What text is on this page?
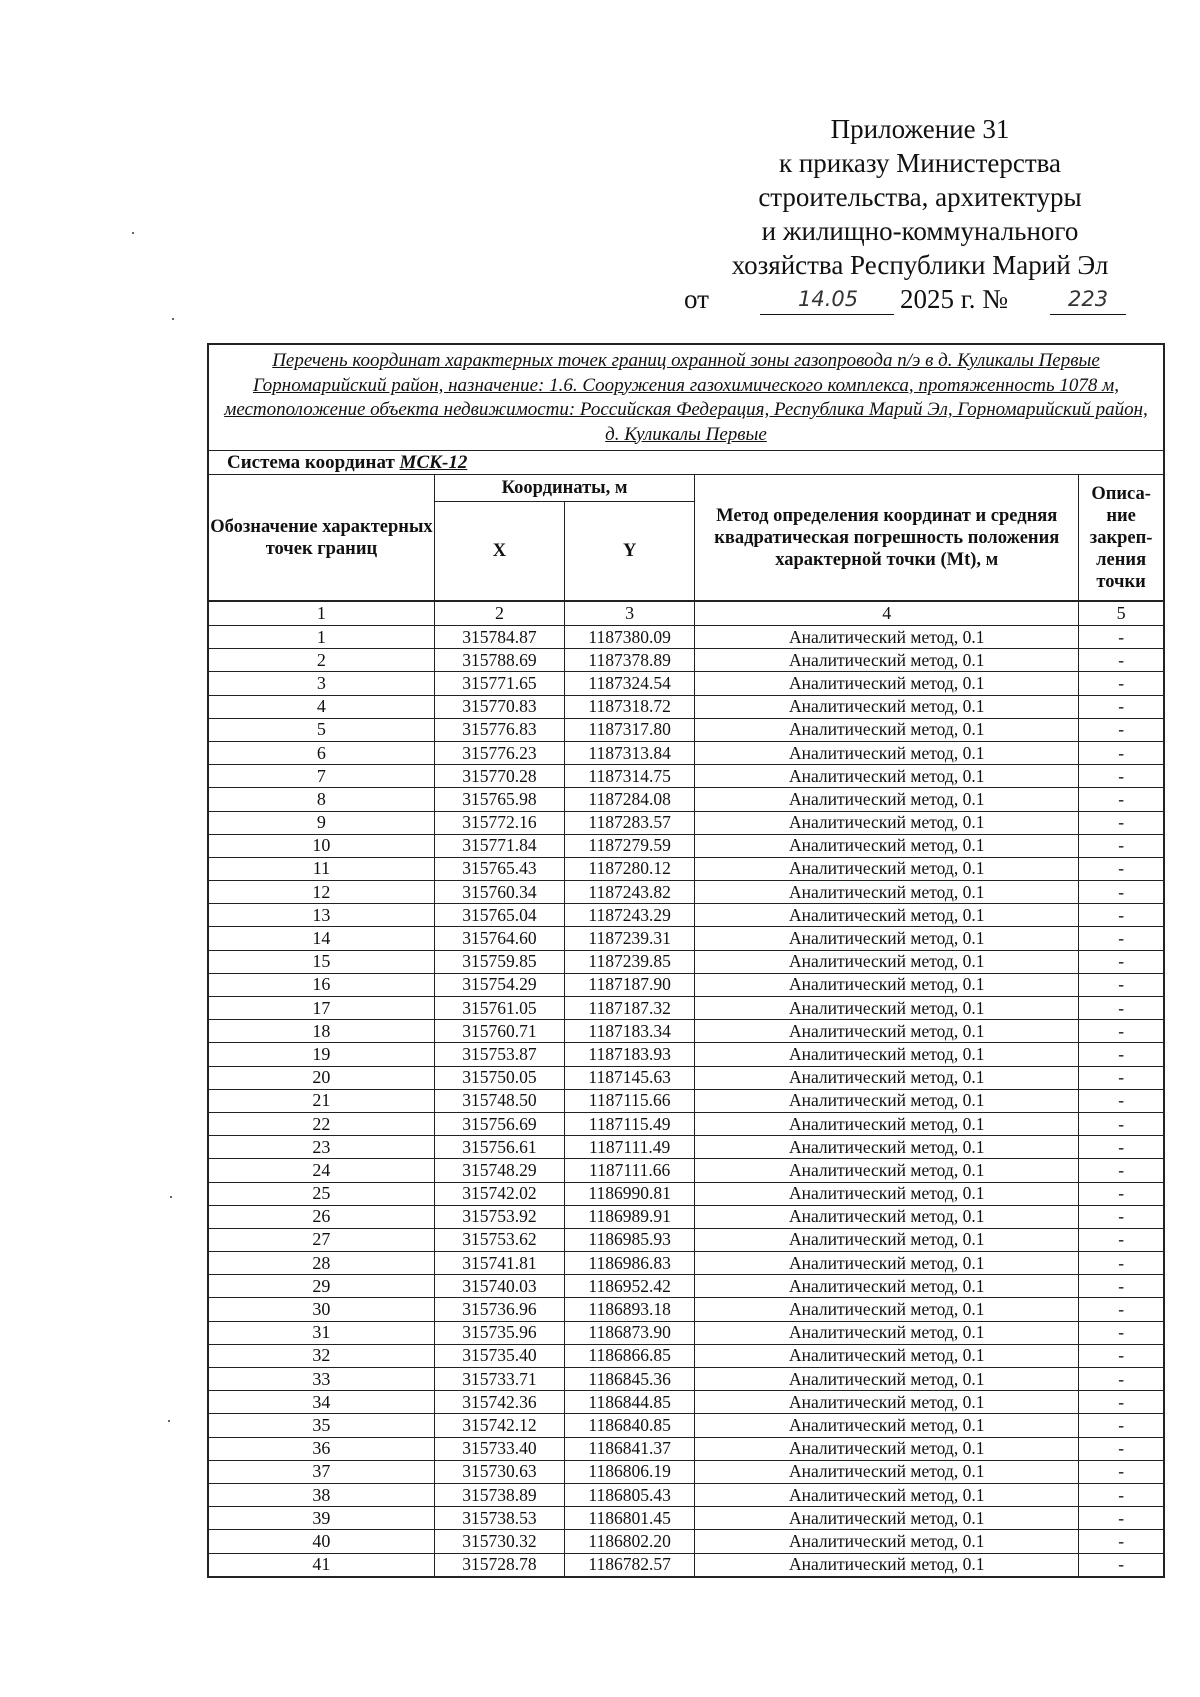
Приложение 31
к приказу Министерства
строительства, архитектуры
и жилищно-коммунального
хозяйства Республики Марий Эл
от	14.05 2025 г. №	223
Перечень координат характерных точек границ охранной зоны газопровода п/э в д. Куликалы Первые Горномарийский район, назначение: 1.6. Сооружения газохимического комплекса, протяженность 1078 м, местоположение объекта недвижимости: Российская Федерация, Республика Марий Эл, Горномарийский район, д. Куликалы Первые
Система координат МСК-12
Обозначение характерных точек границ	Координаты, м		Метод определения координат и средняя квадратическая погрешность положения характерной точки (Mt), м	Описа-ние закреп-ления точки
	X	Y		
1	2	3	4	5
1	315784.87	1187380.09	Аналитический метод, 0.1	-
2	315788.69	1187378.89	Аналитический метод, 0.1	-
3	315771.65	1187324.54	Аналитический метод, 0.1	-
4	315770.83	1187318.72	Аналитический метод, 0.1	-
5	315776.83	1187317.80	Аналитический метод, 0.1	-
6	315776.23	1187313.84	Аналитический метод, 0.1	-
7	315770.28	1187314.75	Аналитический метод, 0.1	-
8	315765.98	1187284.08	Аналитический метод, 0.1	-
9	315772.16	1187283.57	Аналитический метод, 0.1	-
10	315771.84	1187279.59	Аналитический метод, 0.1	-
11	315765.43	1187280.12	Аналитический метод, 0.1	-
12	315760.34	1187243.82	Аналитический метод, 0.1	-
13	315765.04	1187243.29	Аналитический метод, 0.1	-
14	315764.60	1187239.31	Аналитический метод, 0.1	-
15	315759.85	1187239.85	Аналитический метод, 0.1	-
16	315754.29	1187187.90	Аналитический метод, 0.1	-
17	315761.05	1187187.32	Аналитический метод, 0.1	-
18	315760.71	1187183.34	Аналитический метод, 0.1	-
19	315753.87	1187183.93	Аналитический метод, 0.1	-
20	315750.05	1187145.63	Аналитический метод, 0.1	-
21	315748.50	1187115.66	Аналитический метод, 0.1	-
22	315756.69	1187115.49	Аналитический метод, 0.1	-
23	315756.61	1187111.49	Аналитический метод, 0.1	-
24	315748.29	1187111.66	Аналитический метод, 0.1	-
25	315742.02	1186990.81	Аналитический метод, 0.1	-
26	315753.92	1186989.91	Аналитический метод, 0.1	-
27	315753.62	1186985.93	Аналитический метод, 0.1	-
28	315741.81	1186986.83	Аналитический метод, 0.1	-
29	315740.03	1186952.42	Аналитический метод, 0.1	-
30	315736.96	1186893.18	Аналитический метод, 0.1	-
31	315735.96	1186873.90	Аналитический метод, 0.1	-
32	315735.40	1186866.85	Аналитический метод, 0.1	-
33	315733.71	1186845.36	Аналитический метод, 0.1	-
34	315742.36	1186844.85	Аналитический метод, 0.1	-
35	315742.12	1186840.85	Аналитический метод, 0.1	-
36	315733.40	1186841.37	Аналитический метод, 0.1	-
37	315730.63	1186806.19	Аналитический метод, 0.1	-
38	315738.89	1186805.43	Аналитический метод, 0.1	-
39	315738.53	1186801.45	Аналитический метод, 0.1	-
40	315730.32	1186802.20	Аналитический метод, 0.1	-
41	315728.78	1186782.57	Аналитический метод, 0.1	-
